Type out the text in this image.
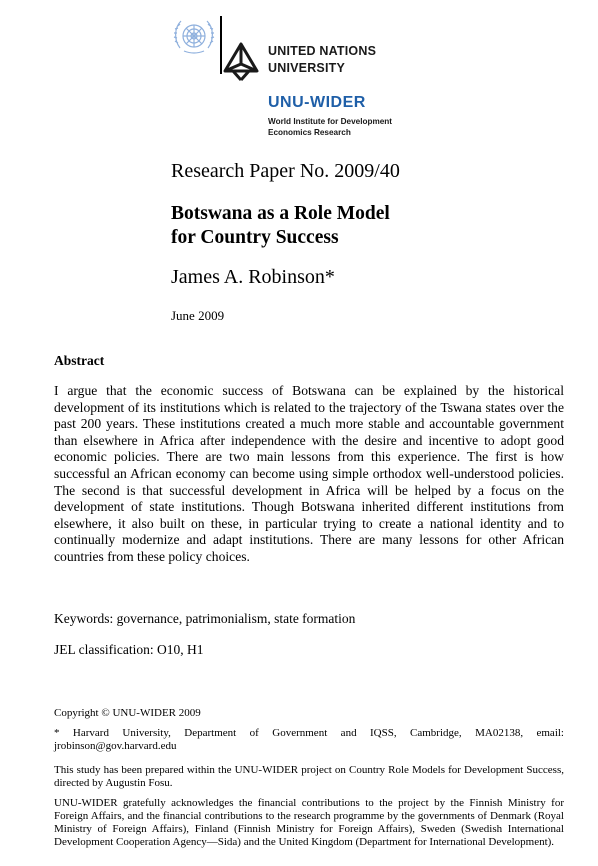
UNITED NATIONS
UNIVERSITY
UNU-WIDER
World Institute for Development
Economics Research
Research Paper No. 2009/40
Botswana as a Role Model
for Country Success
James A. Robinson*
June 2009
Abstract

I argue that the economic success of Botswana can be explained by the historical development of its institutions which is related to the trajectory of the Tswana states over the past 200 years. These institutions created a much more stable and accountable government than elsewhere in Africa after independence with the desire and incentive to adopt good economic policies. There are two main lessons from this experience. The first is how successful an African economy can become using simple orthodox well-understood policies. The second is that successful development in Africa will be helped by a focus on the development of state institutions. Though Botswana inherited different institutions from elsewhere, it also built on these, in particular trying to create a national identity and to continually modernize and adapt institutions. There are many lessons for other African countries from these policy choices.

Keywords: governance, patrimonialism, state formation
JEL classification: O10, H1

Copyright © UNU-WIDER 2009

* Harvard University, Department of Government and IQSS, Cambridge, MA02138, email: jrobinson@gov.harvard.edu

This study has been prepared within the UNU-WIDER project on Country Role Models for Development Success, directed by Augustin Fosu.

UNU-WIDER gratefully acknowledges the financial contributions to the project by the Finnish Ministry for Foreign Affairs, and the financial contributions to the research programme by the governments of Denmark (Royal Ministry of Foreign Affairs), Finland (Finnish Ministry for Foreign Affairs), Sweden (Swedish International Development Cooperation Agency—Sida) and the United Kingdom (Department for International Development).
